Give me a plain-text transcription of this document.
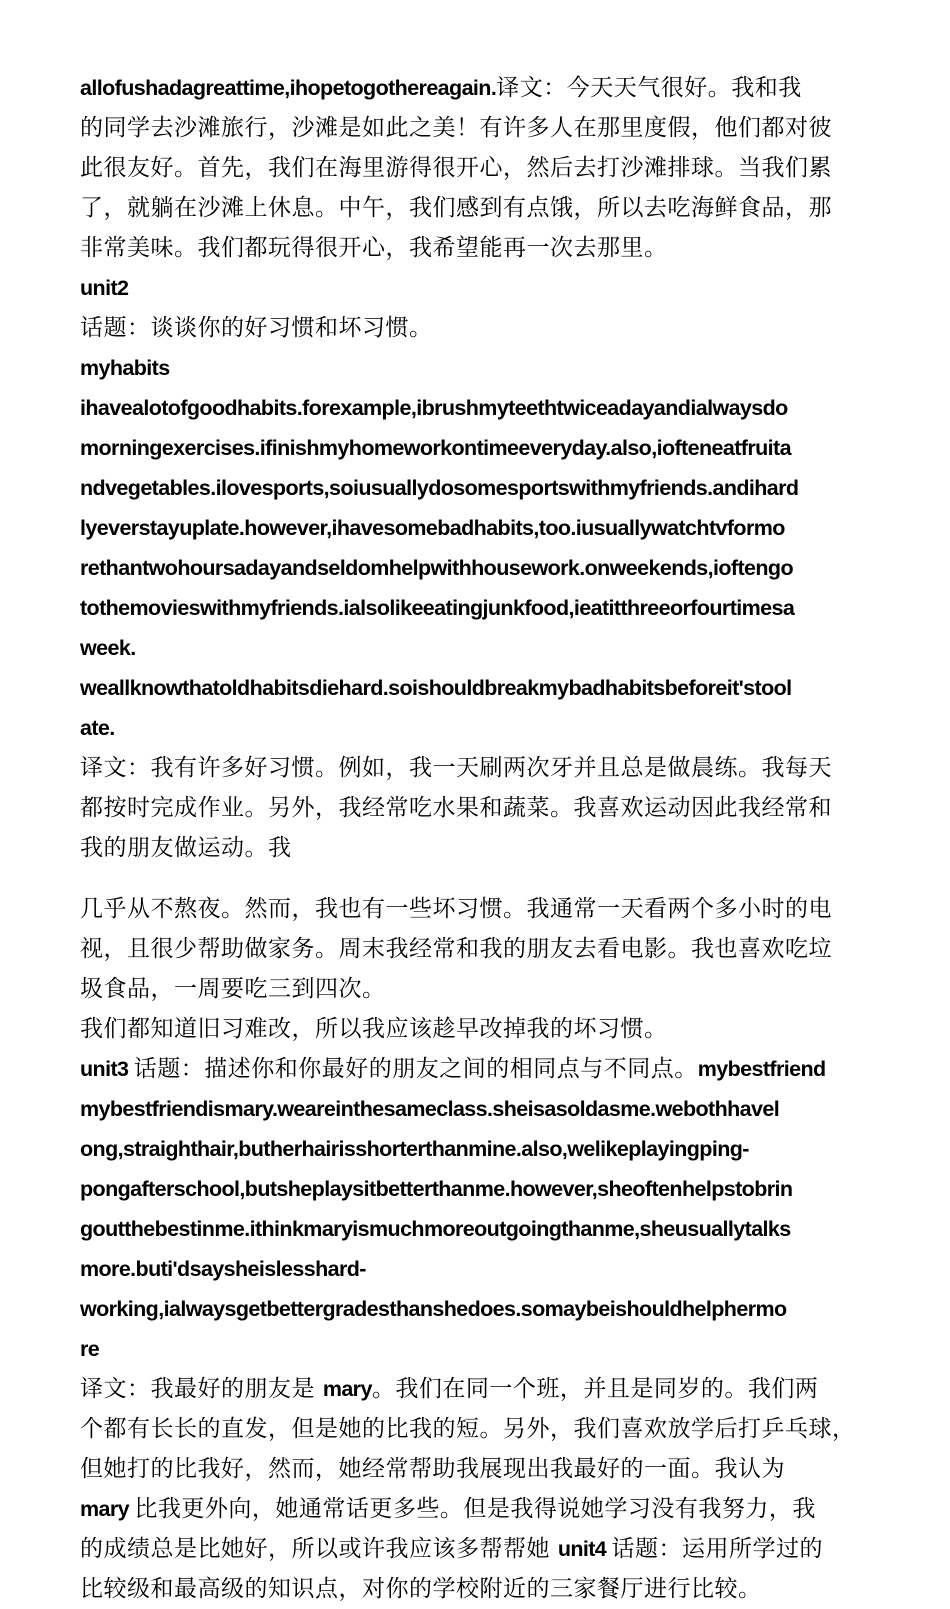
allofushadagreattime,ihopetogothereagain.译文：今天天气很好。我和我
的同学去沙滩旅行，沙滩是如此之美！有许多人在那里度假，他们都对彼
此很友好。首先，我们在海里游得很开心，然后去打沙滩排球。当我们累
了，就躺在沙滩上休息。中午，我们感到有点饿，所以去吃海鲜食品，那
非常美味。我们都玩得很开心，我希望能再一次去那里。
unit2
话题：谈谈你的好习惯和坏习惯。
myhabits
ihavealotofgoodhabits.forexample,ibrushmyteethtwiceadayandialwaysdo
morningexercises.ifinishmyhomeworkontimeeveryday.also,iofteneatfruita
ndvegetables.ilovesports,soiusuallydosomesportswithmyfriends.andihard
lyeverstayuplate.however,ihavesomebadhabits,too.iusuallywatchtvformo
rethantwohoursadayandseldomhelpwithhousework.onweekends,ioftengo
tothemovieswithmyfriends.ialsolikeeatingjunkfood,ieatitthreeorfourtimesa
week.
weallknowthatoldhabitsdiehard.soishouldbreakmybadhabitsbeforeit'stool
ate.
译文：我有许多好习惯。例如，我一天刷两次牙并且总是做晨练。我每天
都按时完成作业。另外，我经常吃水果和蔬菜。我喜欢运动因此我经常和
我的朋友做运动。我
几乎从不熬夜。然而，我也有一些坏习惯。我通常一天看两个多小时的电
视，且很少帮助做家务。周末我经常和我的朋友去看电影。我也喜欢吃垃
圾食品，一周要吃三到四次。
我们都知道旧习难改，所以我应该趁早改掉我的坏习惯。
unit3 话题：描述你和你最好的朋友之间的相同点与不同点。mybestfriend
mybestfriendismary.weareinthesameclass.sheisasoldasme.webothhavel
ong,straighthair,butherhairisshorterthanmine.also,welikeplayingping-
pongafterschool,butsheplaysitbetterthanme.however,sheoftenhelpstobrin
goutthebestinme.ithinkmaryismuchmoreoutgoingthanme,sheusuallytalks
more.buti'dsaysheislesshard-
working,ialwaysgetbettergradesthanshedoes.somaybeishouldhelphermo
re
译文：我最好的朋友是 mary。我们在同一个班，并且是同岁的。我们两
个都有长长的直发，但是她的比我的短。另外，我们喜欢放学后打乒乓球，
但她打的比我好，然而，她经常帮助我展现出我最好的一面。我认为
mary 比我更外向，她通常话更多些。但是我得说她学习没有我努力，我
的成绩总是比她好，所以或许我应该多帮帮她 unit4 话题：运用所学过的
比较级和最高级的知识点，对你的学校附近的三家餐厅进行比较。
